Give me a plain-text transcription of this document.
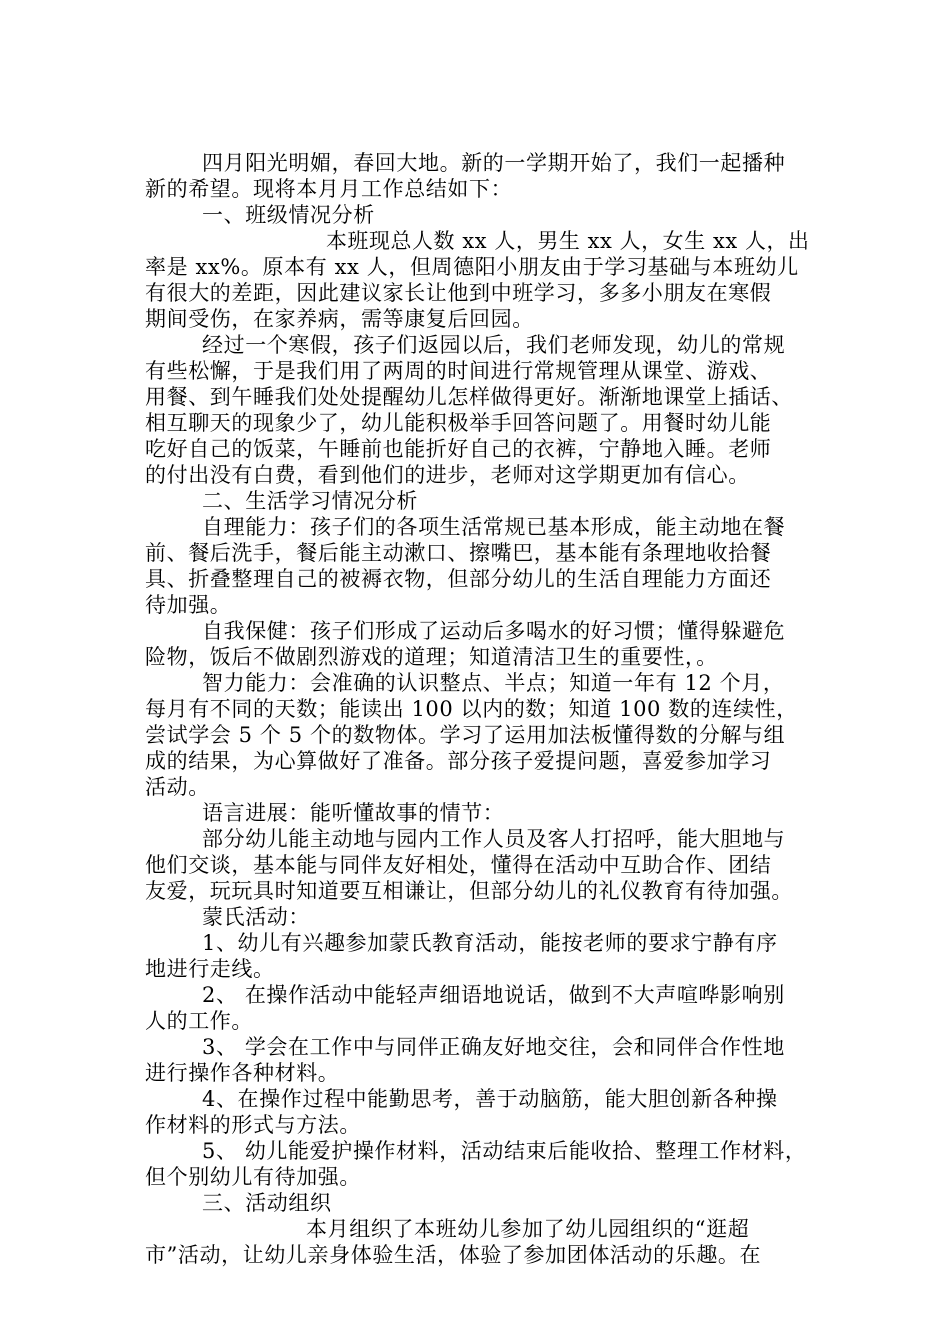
四月阳光明媚，春回大地。新的一学期开始了，我们一起播种
新的希望。现将本月月工作总结如下：
一、班级情况分析
本班现总人数 xx 人，男生 xx 人，女生 xx 人，出
率是 xx%。原本有 xx 人，但周德阳小朋友由于学习基础与本班幼儿
有很大的差距，因此建议家长让他到中班学习，多多小朋友在寒假
期间受伤，在家养病，需等康复后回园。
经过一个寒假，孩子们返园以后，我们老师发现，幼儿的常规
有些松懈，于是我们用了两周的时间进行常规管理从课堂、游戏、
用餐、到午睡我们处处提醒幼儿怎样做得更好。渐渐地课堂上插话、
相互聊天的现象少了，幼儿能积极举手回答问题了。用餐时幼儿能
吃好自己的饭菜，午睡前也能折好自己的衣裤，宁静地入睡。老师
的付出没有白费，看到他们的进步，老师对这学期更加有信心。
二、生活学习情况分析
自理能力：孩子们的各项生活常规已基本形成，能主动地在餐
前、餐后洗手，餐后能主动漱口、擦嘴巴，基本能有条理地收拾餐
具、折叠整理自己的被褥衣物，但部分幼儿的生活自理能力方面还
待加强。
自我保健：孩子们形成了运动后多喝水的好习惯；懂得躲避危
险物，饭后不做剧烈游戏的道理；知道清洁卫生的重要性，。
智力能力：会准确的认识整点、半点；知道一年有 12 个月，
每月有不同的天数；能读出 100 以内的数；知道 100 数的连续性，
尝试学会 5 个 5 个的数物体。学习了运用加法板懂得数的分解与组
成的结果，为心算做好了准备。部分孩子爱提问题，喜爱参加学习
活动。
语言进展：能听懂故事的情节：
部分幼儿能主动地与园内工作人员及客人打招呼，能大胆地与
他们交谈，基本能与同伴友好相处，懂得在活动中互助合作、团结
友爱，玩玩具时知道要互相谦让，但部分幼儿的礼仪教育有待加强。
蒙氏活动：
1、幼儿有兴趣参加蒙氏教育活动，能按老师的要求宁静有序
地进行走线。
2、 在操作活动中能轻声细语地说话，做到不大声喧哗影响别
人的工作。
3、 学会在工作中与同伴正确友好地交往，会和同伴合作性地
进行操作各种材料。
4、在操作过程中能勤思考，善于动脑筋，能大胆创新各种操
作材料的形式与方法。
5、 幼儿能爱护操作材料，活动结束后能收拾、整理工作材料，
但个别幼儿有待加强。
三、活动组织
本月组织了本班幼儿参加了幼儿园组织的“逛超
市”活动，让幼儿亲身体验生活，体验了参加团体活动的乐趣。在
